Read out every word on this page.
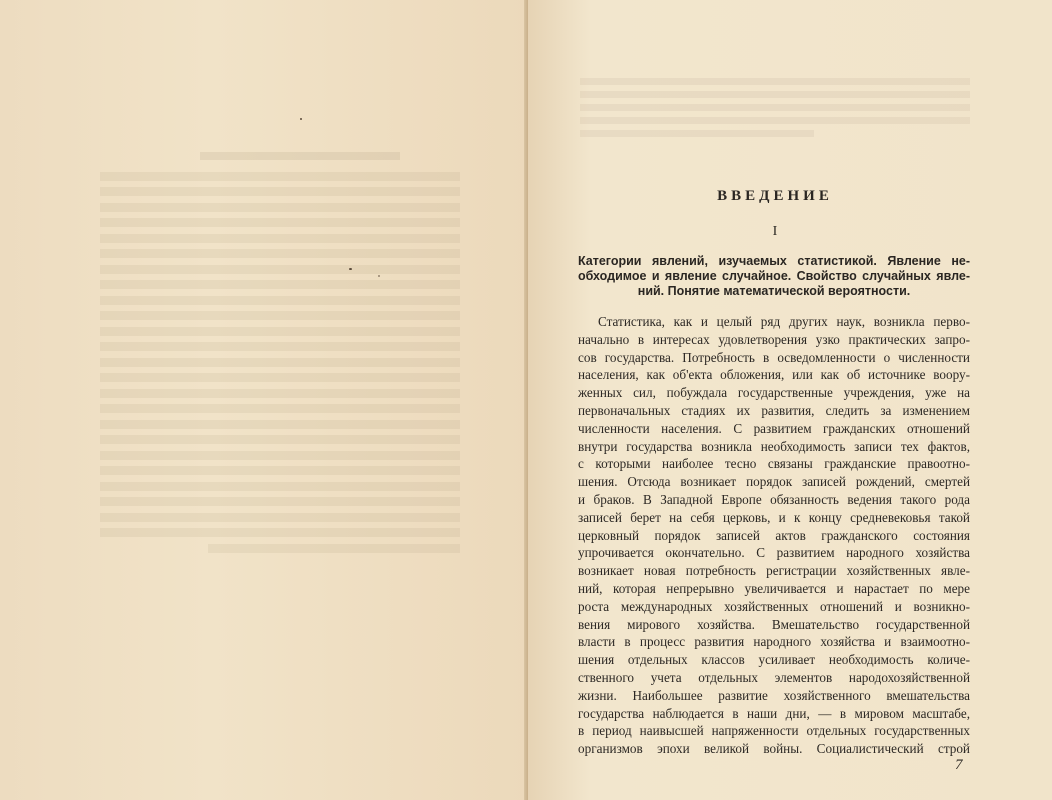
ВВЕДЕНИЕ
I
Категории явлений, изучаемых статистикой. Явление не-
обходимое и явление случайное. Свойство случайных явле-
ний. Понятие математической вероятности.
Статистика, как и целый ряд других наук, возникла перво-
начально в интересах удовлетворения узко практических запро-
сов государства. Потребность в осведомленности о численности
населения, как об'екта обложения, или как об источнике воору-
женных сил, побуждала государственные учреждения, уже на
первоначальных стадиях их развития, следить за изменением
численности населения. С развитием гражданских отношений
внутри государства возникла необходимость записи тех фактов,
с которыми наиболее тесно связаны гражданские правоотно-
шения. Отсюда возникает порядок записей рождений, смертей
и браков. В Западной Европе обязанность ведения такого рода
записей берет на себя церковь, и к концу средневековья такой
церковный порядок записей актов гражданского состояния
упрочивается окончательно. С развитием народного хозяйства
возникает новая потребность регистрации хозяйственных явле-
ний, которая непрерывно увеличивается и нарастает по мере
роста международных хозяйственных отношений и возникно-
вения мирового хозяйства. Вмешательство государственной
власти в процесс развития народного хозяйства и взаимоотно-
шения отдельных классов усиливает необходимость количе-
ственного учета отдельных элементов народохозяйственной
жизни. Наибольшее развитие хозяйственного вмешательства
государства наблюдается в наши дни, — в мировом масштабе,
в период наивысшей напряженности отдельных государственных
организмов эпохи великой войны. Социалистический строй
7
